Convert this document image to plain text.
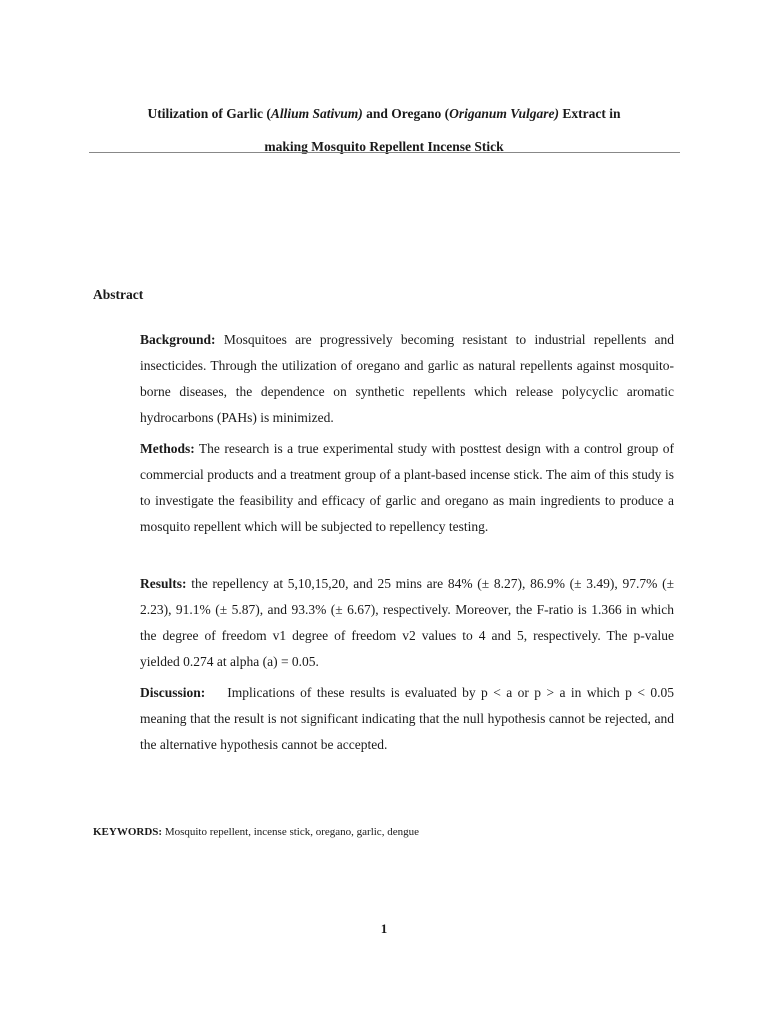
Utilization of Garlic (Allium Sativum) and Oregano (Origanum Vulgare) Extract in
making Mosquito Repellent Incense Stick
Abstract

Background: Mosquitoes are progressively becoming resistant to industrial repellents and insecticides. Through the utilization of oregano and garlic as natural repellents against mosquito-borne diseases, the dependence on synthetic repellents which release polycyclic aromatic hydrocarbons (PAHs) is minimized.

Methods: The research is a true experimental study with posttest design with a control group of commercial products and a treatment group of a plant-based incense stick. The aim of this study is to investigate the feasibility and efficacy of garlic and oregano as main ingredients to produce a mosquito repellent which will be subjected to repellency testing.

Results: the repellency at 5,10,15,20, and 25 mins are 84% (± 8.27), 86.9% (± 3.49), 97.7% (± 2.23), 91.1% (± 5.87), and 93.3% (± 6.67), respectively. Moreover, the F-ratio is 1.366 in which the degree of freedom v1 degree of freedom v2 values to 4 and 5, respectively. The p-value yielded 0.274 at alpha (a) = 0.05.

Discussion: Implications of these results is evaluated by p < a or p > a in which p < 0.05 meaning that the result is not significant indicating that the null hypothesis cannot be rejected, and the alternative hypothesis cannot be accepted.

KEYWORDS: Mosquito repellent, incense stick, oregano, garlic, dengue
1
